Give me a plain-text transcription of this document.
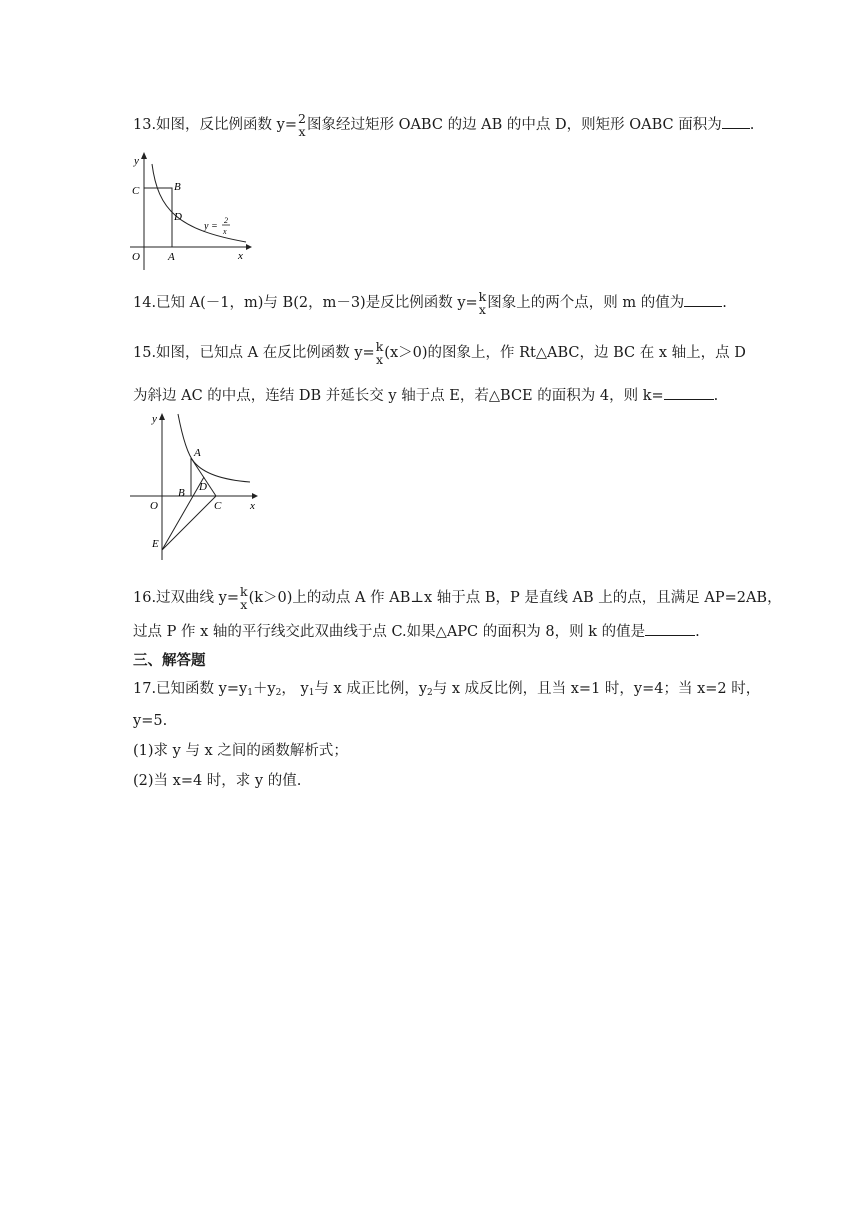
13.如图，反比例函数 y= 2
x 图象经过矩形 OABC 的边 AB 的中点 D，则矩形 OABC 面积为 .
y
x
O	A
B
C
D
y =
2
x
14.已知 A(－1，m)与 B(2，m－3)是反比例函数 y= k
x 图象上的两个点，则 m 的值为	.
15.如图，已知点 A 在反比例函数 y= k
x (x＞0)的图象上，作 Rt△ABC，边 BC 在 x 轴上，点 D
为斜边 AC 的中点，连结 DB 并延长交 y 轴于点 E，若△BCE 的面积为 4，则 k=	.
y
x
O
A
B
C
D
E
16.过双曲线 y= k
x (k＞0)上的动点 A 作 AB⊥x 轴于点 B，P 是直线 AB 上的点，且满足 AP=2AB，
过点 P 作 x 轴的平行线交此双曲线于点 C.如果△APC 的面积为 8，则 k 的值是	.
三、解答题
17.已知函数 $y=y_1+y_2$， $y_1$与 x 成正比例，$y_2$与 x 成反比例，且当 x=1 时，y=4；当 x=2 时，
y=5.
(1)求 y 与 x 之间的函数解析式；
(2)当 x=4 时，求 y 的值.
